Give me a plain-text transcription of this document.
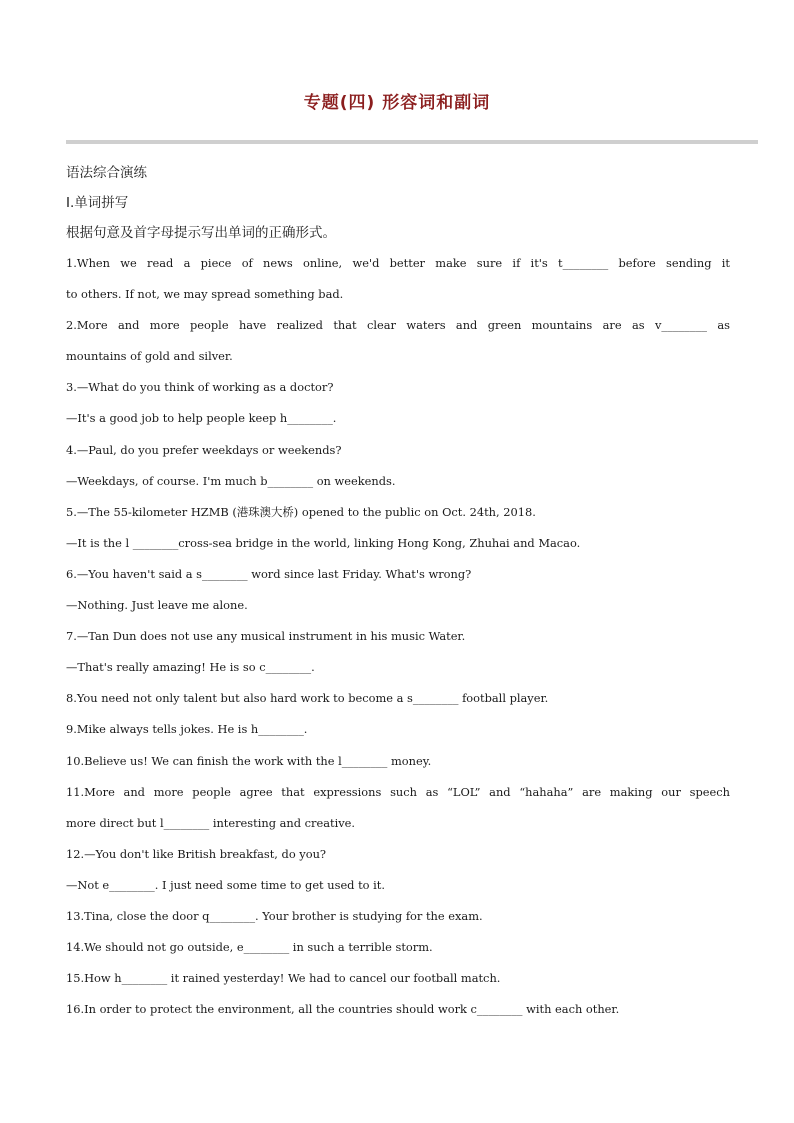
专题(四) 形容词和副词
语法综合演练
Ⅰ.单词拼写
根据句意及首字母提示写出单词的正确形式。
1.When we read a piece of news online, we'd better make sure if it's t________ before sending it
to others. If not, we may spread something bad.
2.More and more people have realized that clear waters and green mountains are as v________ as
mountains of gold and silver.
3.—What do you think of working as a doctor?
—It's a good job to help people keep h________.
4.—Paul, do you prefer weekdays or weekends?
—Weekdays, of course. I'm much b________ on weekends.
5.—The 55-kilometer HZMB (港珠澳大桥) opened to the public on Oct. 24th, 2018.
—It is the l ________cross-sea bridge in the world, linking Hong Kong, Zhuhai and Macao.
6.—You haven't said a s________ word since last Friday. What's wrong?
—Nothing. Just leave me alone.
7.—Tan Dun does not use any musical instrument in his music Water.
—That's really amazing! He is so c________.
8.You need not only talent but also hard work to become a s________ football player.
9.Mike always tells jokes. He is h________.
10.Believe us! We can finish the work with the l________ money.
11.More and more people agree that expressions such as “LOL” and “hahaha” are making our speech
more direct but l________ interesting and creative.
12.—You don't like British breakfast, do you?
—Not e________. I just need some time to get used to it.
13.Tina, close the door q________. Your brother is studying for the exam.
14.We should not go outside, e________ in such a terrible storm.
15.How h________ it rained yesterday! We had to cancel our football match.
16.In order to protect the environment, all the countries should work c________ with each other.
